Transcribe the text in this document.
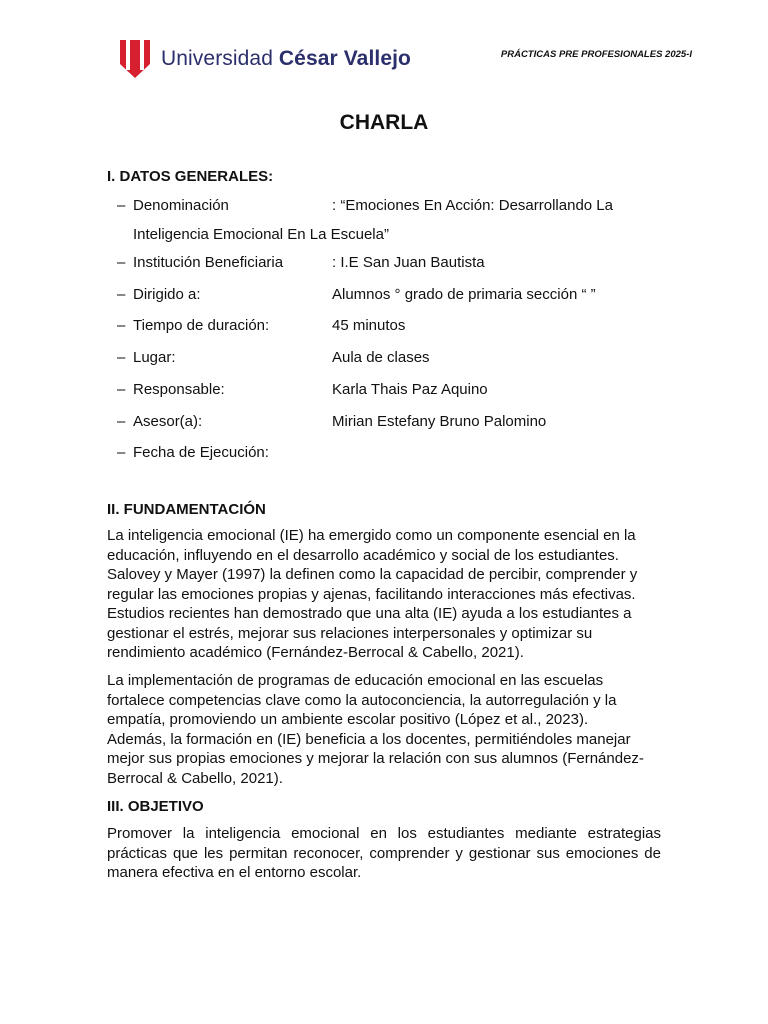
Universidad César Vallejo	PRÁCTICAS PRE PROFESIONALES 2025-I
CHARLA
I. DATOS GENERALES:
– Denominación	: “Emociones En Acción: Desarrollando La
Inteligencia Emocional En La Escuela”
– Institución Beneficiaria	: I.E San Juan Bautista
– Dirigido a:	Alumnos ° grado de primaria sección “ ”
– Tiempo de duración:	45 minutos
– Lugar:	Aula de clases
– Responsable:	Karla Thais Paz Aquino
– Asesor(a):	Mirian Estefany Bruno Palomino
– Fecha de Ejecución:
II. FUNDAMENTACIÓN

La inteligencia emocional (IE) ha emergido como un componente esencial en la educación, influyendo en el desarrollo académico y social de los estudiantes. Salovey y Mayer (1997) la definen como la capacidad de percibir, comprender y regular las emociones propias y ajenas, facilitando interacciones más efectivas. Estudios recientes han demostrado que una alta (IE) ayuda a los estudiantes a gestionar el estrés, mejorar sus relaciones interpersonales y optimizar su rendimiento académico (Fernández-Berrocal & Cabello, 2021).

La implementación de programas de educación emocional en las escuelas fortalece competencias clave como la autoconciencia, la autorregulación y la empatía, promoviendo un ambiente escolar positivo (López et al., 2023). Además, la formación en (IE) beneficia a los docentes, permitiéndoles manejar mejor sus propias emociones y mejorar la relación con sus alumnos (Fernández-Berrocal & Cabello, 2021).

III. OBJETIVO

Promover la inteligencia emocional en los estudiantes mediante estrategias prácticas que les permitan reconocer, comprender y gestionar sus emociones de manera efectiva en el entorno escolar.
